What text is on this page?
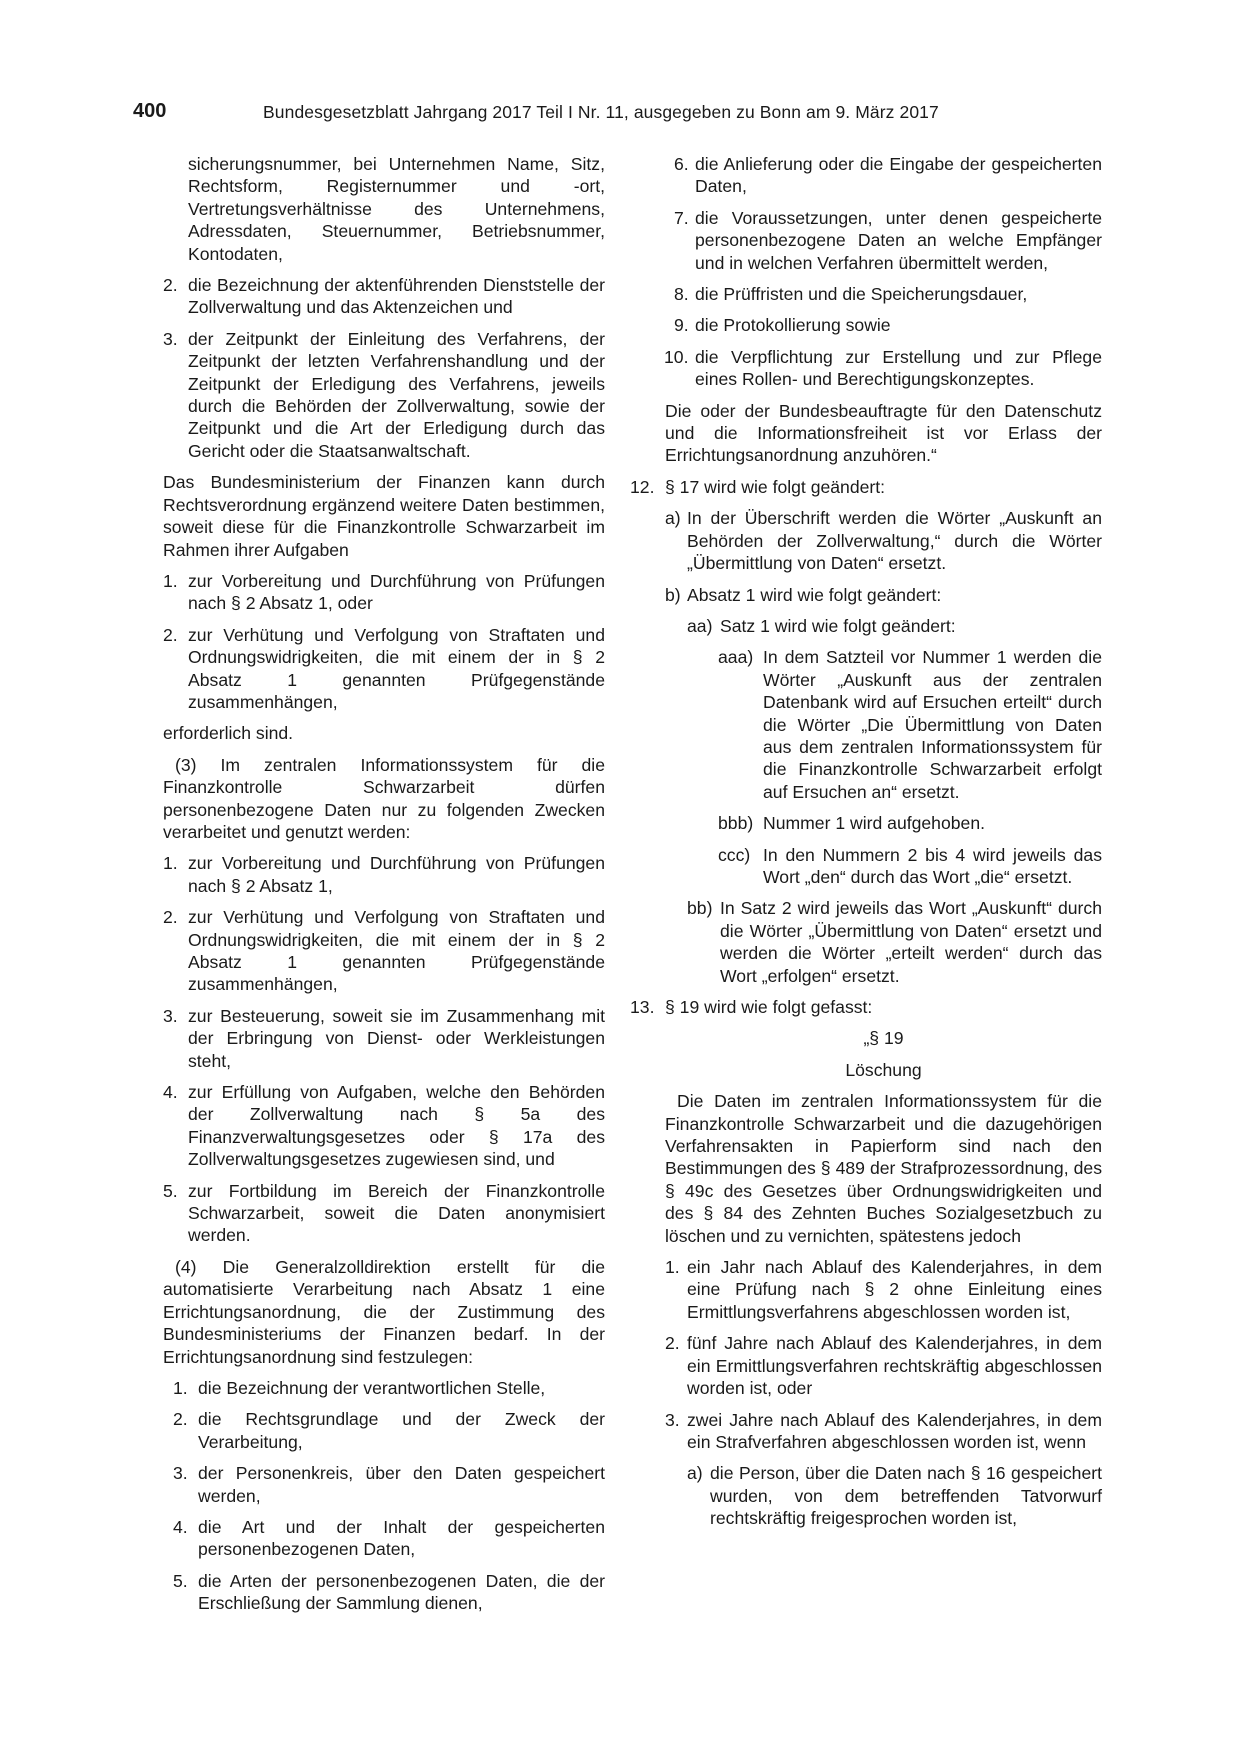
400	Bundesgesetzblatt Jahrgang 2017 Teil I Nr. 11, ausgegeben zu Bonn am 9. März 2017
sicherungsnummer, bei Unternehmen Name, Sitz, Rechtsform, Registernummer und -ort, Vertretungsverhältnisse des Unternehmens, Adressdaten, Steuernummer, Betriebsnummer, Kontodaten,
2. die Bezeichnung der aktenführenden Dienststelle der Zollverwaltung und das Aktenzeichen und
3. der Zeitpunkt der Einleitung des Verfahrens, der Zeitpunkt der letzten Verfahrenshandlung und der Zeitpunkt der Erledigung des Verfahrens, jeweils durch die Behörden der Zollverwaltung, sowie der Zeitpunkt und die Art der Erledigung durch das Gericht oder die Staatsanwaltschaft.
Das Bundesministerium der Finanzen kann durch Rechtsverordnung ergänzend weitere Daten bestimmen, soweit diese für die Finanzkontrolle Schwarzarbeit im Rahmen ihrer Aufgaben
1. zur Vorbereitung und Durchführung von Prüfungen nach § 2 Absatz 1, oder
2. zur Verhütung und Verfolgung von Straftaten und Ordnungswidrigkeiten, die mit einem der in § 2 Absatz 1 genannten Prüfgegenstände zusammenhängen,
erforderlich sind.
(3) Im zentralen Informationssystem für die Finanzkontrolle Schwarzarbeit dürfen personenbezogene Daten nur zu folgenden Zwecken verarbeitet und genutzt werden:
1. zur Vorbereitung und Durchführung von Prüfungen nach § 2 Absatz 1,
2. zur Verhütung und Verfolgung von Straftaten und Ordnungswidrigkeiten, die mit einem der in § 2 Absatz 1 genannten Prüfgegenstände zusammenhängen,
3. zur Besteuerung, soweit sie im Zusammenhang mit der Erbringung von Dienst- oder Werkleistungen steht,
4. zur Erfüllung von Aufgaben, welche den Behörden der Zollverwaltung nach § 5a des Finanzverwaltungsgesetzes oder § 17a des Zollverwaltungsgesetzes zugewiesen sind, und
5. zur Fortbildung im Bereich der Finanzkontrolle Schwarzarbeit, soweit die Daten anonymisiert werden.
(4) Die Generalzolldirektion erstellt für die automatisierte Verarbeitung nach Absatz 1 eine Errichtungsanordnung, die der Zustimmung des Bundesministeriums der Finanzen bedarf. In der Errichtungsanordnung sind festzulegen:
1. die Bezeichnung der verantwortlichen Stelle,
2. die Rechtsgrundlage und der Zweck der Verarbeitung,
3. der Personenkreis, über den Daten gespeichert werden,
4. die Art und der Inhalt der gespeicherten personenbezogenen Daten,
5. die Arten der personenbezogenen Daten, die der Erschließung der Sammlung dienen,
6. die Anlieferung oder die Eingabe der gespeicherten Daten,
7. die Voraussetzungen, unter denen gespeicherte personenbezogene Daten an welche Empfänger und in welchen Verfahren übermittelt werden,
8. die Prüffristen und die Speicherungsdauer,
9. die Protokollierung sowie
10. die Verpflichtung zur Erstellung und zur Pflege eines Rollen- und Berechtigungskonzeptes.
Die oder der Bundesbeauftragte für den Datenschutz und die Informationsfreiheit ist vor Erlass der Errichtungsanordnung anzuhören.“
12. § 17 wird wie folgt geändert:
a) In der Überschrift werden die Wörter „Auskunft an Behörden der Zollverwaltung,“ durch die Wörter „Übermittlung von Daten“ ersetzt.
b) Absatz 1 wird wie folgt geändert:
aa) Satz 1 wird wie folgt geändert:
aaa) In dem Satzteil vor Nummer 1 werden die Wörter „Auskunft aus der zentralen Datenbank wird auf Ersuchen erteilt“ durch die Wörter „Die Übermittlung von Daten aus dem zentralen Informationssystem für die Finanzkontrolle Schwarzarbeit erfolgt auf Ersuchen an“ ersetzt.
bbb) Nummer 1 wird aufgehoben.
ccc) In den Nummern 2 bis 4 wird jeweils das Wort „den“ durch das Wort „die“ ersetzt.
bb) In Satz 2 wird jeweils das Wort „Auskunft“ durch die Wörter „Übermittlung von Daten“ ersetzt und werden die Wörter „erteilt werden“ durch das Wort „erfolgen“ ersetzt.
13. § 19 wird wie folgt gefasst:
„§ 19
Löschung
Die Daten im zentralen Informationssystem für die Finanzkontrolle Schwarzarbeit und die dazugehörigen Verfahrensakten in Papierform sind nach den Bestimmungen des § 489 der Strafprozessordnung, des § 49c des Gesetzes über Ordnungswidrigkeiten und des § 84 des Zehnten Buches Sozialgesetzbuch zu löschen und zu vernichten, spätestens jedoch
1. ein Jahr nach Ablauf des Kalenderjahres, in dem eine Prüfung nach § 2 ohne Einleitung eines Ermittlungsverfahrens abgeschlossen worden ist,
2. fünf Jahre nach Ablauf des Kalenderjahres, in dem ein Ermittlungsverfahren rechtskräftig abgeschlossen worden ist, oder
3. zwei Jahre nach Ablauf des Kalenderjahres, in dem ein Strafverfahren abgeschlossen worden ist, wenn
a) die Person, über die Daten nach § 16 gespeichert wurden, von dem betreffenden Tatvorwurf rechtskräftig freigesprochen worden ist,
